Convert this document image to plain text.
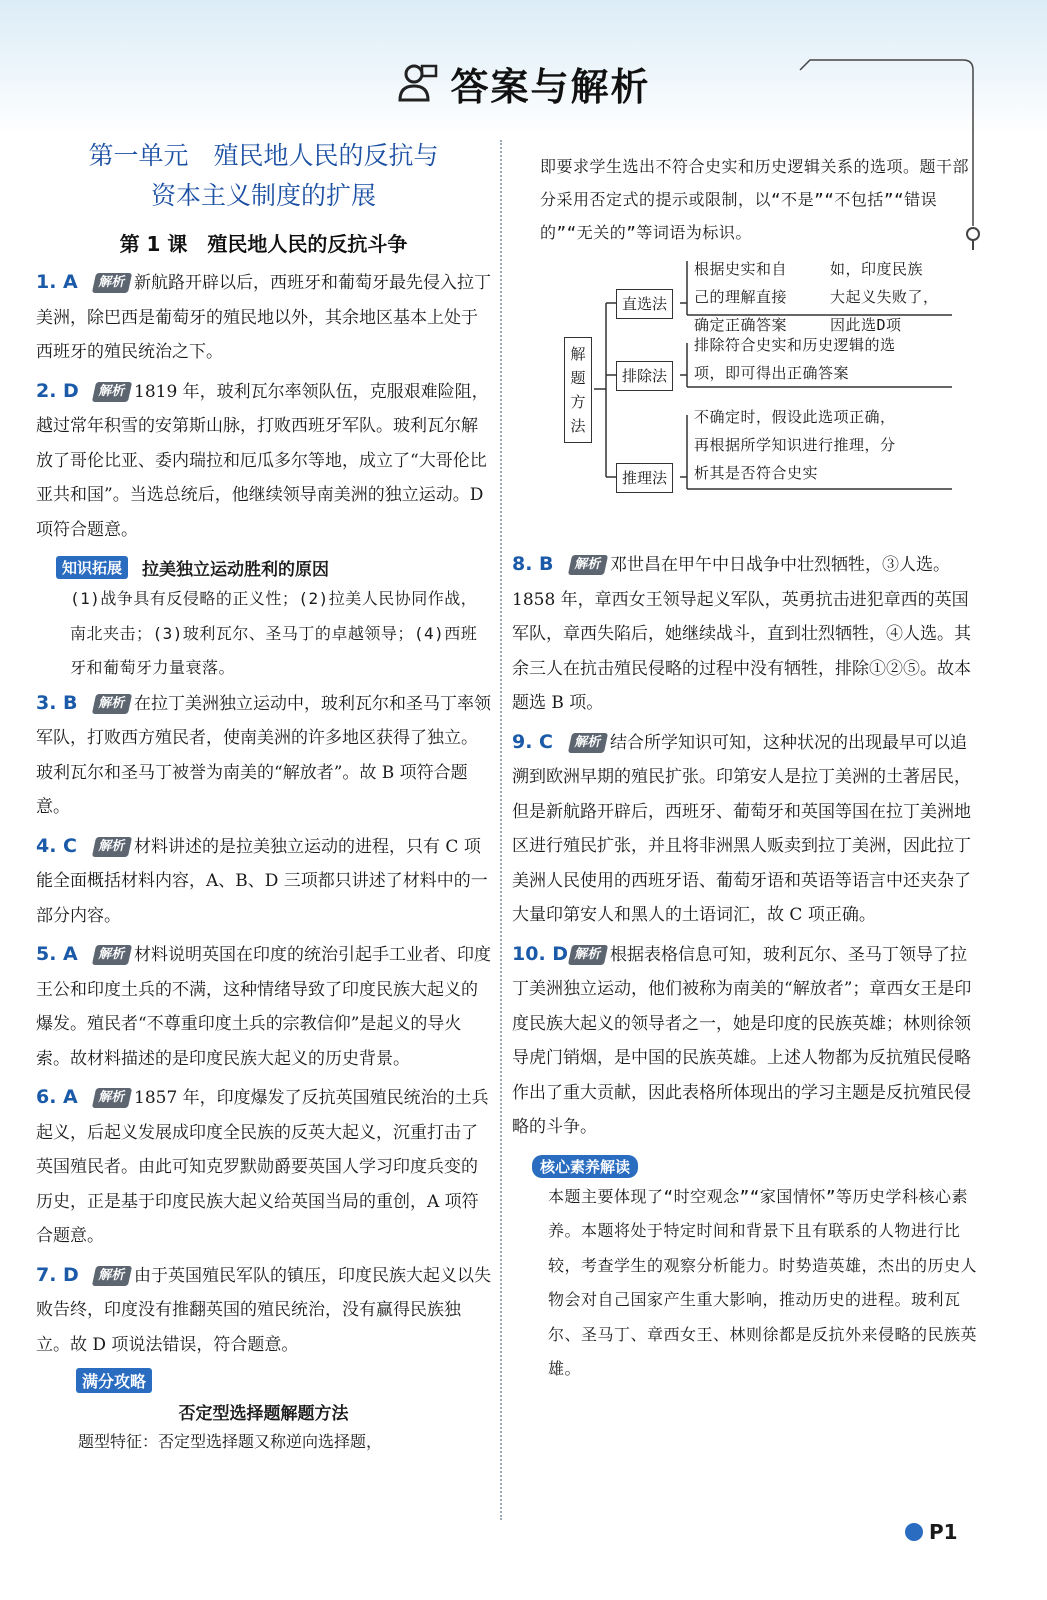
答案与解析
第一单元　殖民地人民的反抗与
资本主义制度的扩展
第 1 课　殖民地人民的反抗斗争
1. A 解析 新航路开辟以后，西班牙和葡萄牙最先侵入拉丁美洲，除巴西是葡萄牙的殖民地以外，其余地区基本上处于西班牙的殖民统治之下。
2. D 解析 1819 年，玻利瓦尔率领队伍，克服艰难险阻，越过常年积雪的安第斯山脉，打败西班牙军队。玻利瓦尔解放了哥伦比亚、委内瑞拉和厄瓜多尔等地，成立了“大哥伦比亚共和国”。当选总统后，他继续领导南美洲的独立运动。D 项符合题意。
知识拓展	拉美独立运动胜利的原因
(1)战争具有反侵略的正义性；(2)拉美人民协同作战，南北夹击；(3)玻利瓦尔、圣马丁的卓越领导；(4)西班牙和葡萄牙力量衰落。
3. B 解析 在拉丁美洲独立运动中，玻利瓦尔和圣马丁率领军队，打败西方殖民者，使南美洲的许多地区获得了独立。玻利瓦尔和圣马丁被誉为南美的“解放者”。故 B 项符合题意。
4. C 解析 材料讲述的是拉美独立运动的进程，只有 C 项能全面概括材料内容，A、B、D 三项都只讲述了材料中的一部分内容。
5. A 解析 材料说明英国在印度的统治引起手工业者、印度王公和印度土兵的不满，这种情绪导致了印度民族大起义的爆发。殖民者“不尊重印度土兵的宗教信仰”是起义的导火索。故材料描述的是印度民族大起义的历史背景。
6. A 解析 1857 年，印度爆发了反抗英国殖民统治的土兵起义，后起义发展成印度全民族的反英大起义，沉重打击了英国殖民者。由此可知克罗默勋爵要英国人学习印度兵变的历史，正是基于印度民族大起义给英国当局的重创，A 项符合题意。
7. D 解析 由于英国殖民军队的镇压，印度民族大起义以失败告终，印度没有推翻英国的殖民统治，没有赢得民族独立。故 D 项说法错误，符合题意。
满分攻略
否定型选择题解题方法
题型特征：否定型选择题又称逆向选择题，
即要求学生选出不符合史实和历史逻辑关系的选项。题干部分采用否定式的提示或限制，以“不是”“不包括”“错误的”“无关的”等词语为标识。
解题方法
直选法
根据史实和自
己的理解直接
确定正确答案
如，印度民族
大起义失败了，
因此选D项
排除法
排除符合史实和历史逻辑的选
项，即可得出正确答案
推理法
不确定时，假设此选项正确，
再根据所学知识进行推理，分
析其是否符合史实
8. B 解析 邓世昌在甲午中日战争中壮烈牺牲，③人选。1858 年，章西女王领导起义军队，英勇抗击进犯章西的英国军队，章西失陷后，她继续战斗，直到壮烈牺牲，④人选。其余三人在抗击殖民侵略的过程中没有牺牲，排除①②⑤。故本题选 B 项。
9. C 解析 结合所学知识可知，这种状况的出现最早可以追溯到欧洲早期的殖民扩张。印第安人是拉丁美洲的土著居民，但是新航路开辟后，西班牙、葡萄牙和英国等国在拉丁美洲地区进行殖民扩张，并且将非洲黑人贩卖到拉丁美洲，因此拉丁美洲人民使用的西班牙语、葡萄牙语和英语等语言中还夹杂了大量印第安人和黑人的土语词汇，故 C 项正确。
10. D 解析 根据表格信息可知，玻利瓦尔、圣马丁领导了拉丁美洲独立运动，他们被称为南美的“解放者”；章西女王是印度民族大起义的领导者之一，她是印度的民族英雄；林则徐领导虎门销烟，是中国的民族英雄。上述人物都为反抗殖民侵略作出了重大贡献，因此表格所体现出的学习主题是反抗殖民侵略的斗争。
核心素养解读
本题主要体现了“时空观念”“家国情怀”等历史学科核心素养。本题将处于特定时间和背景下且有联系的人物进行比较，考查学生的观察分析能力。时势造英雄，杰出的历史人物会对自己国家产生重大影响，推动历史的进程。玻利瓦尔、圣马丁、章西女王、林则徐都是反抗外来侵略的民族英雄。
P1
